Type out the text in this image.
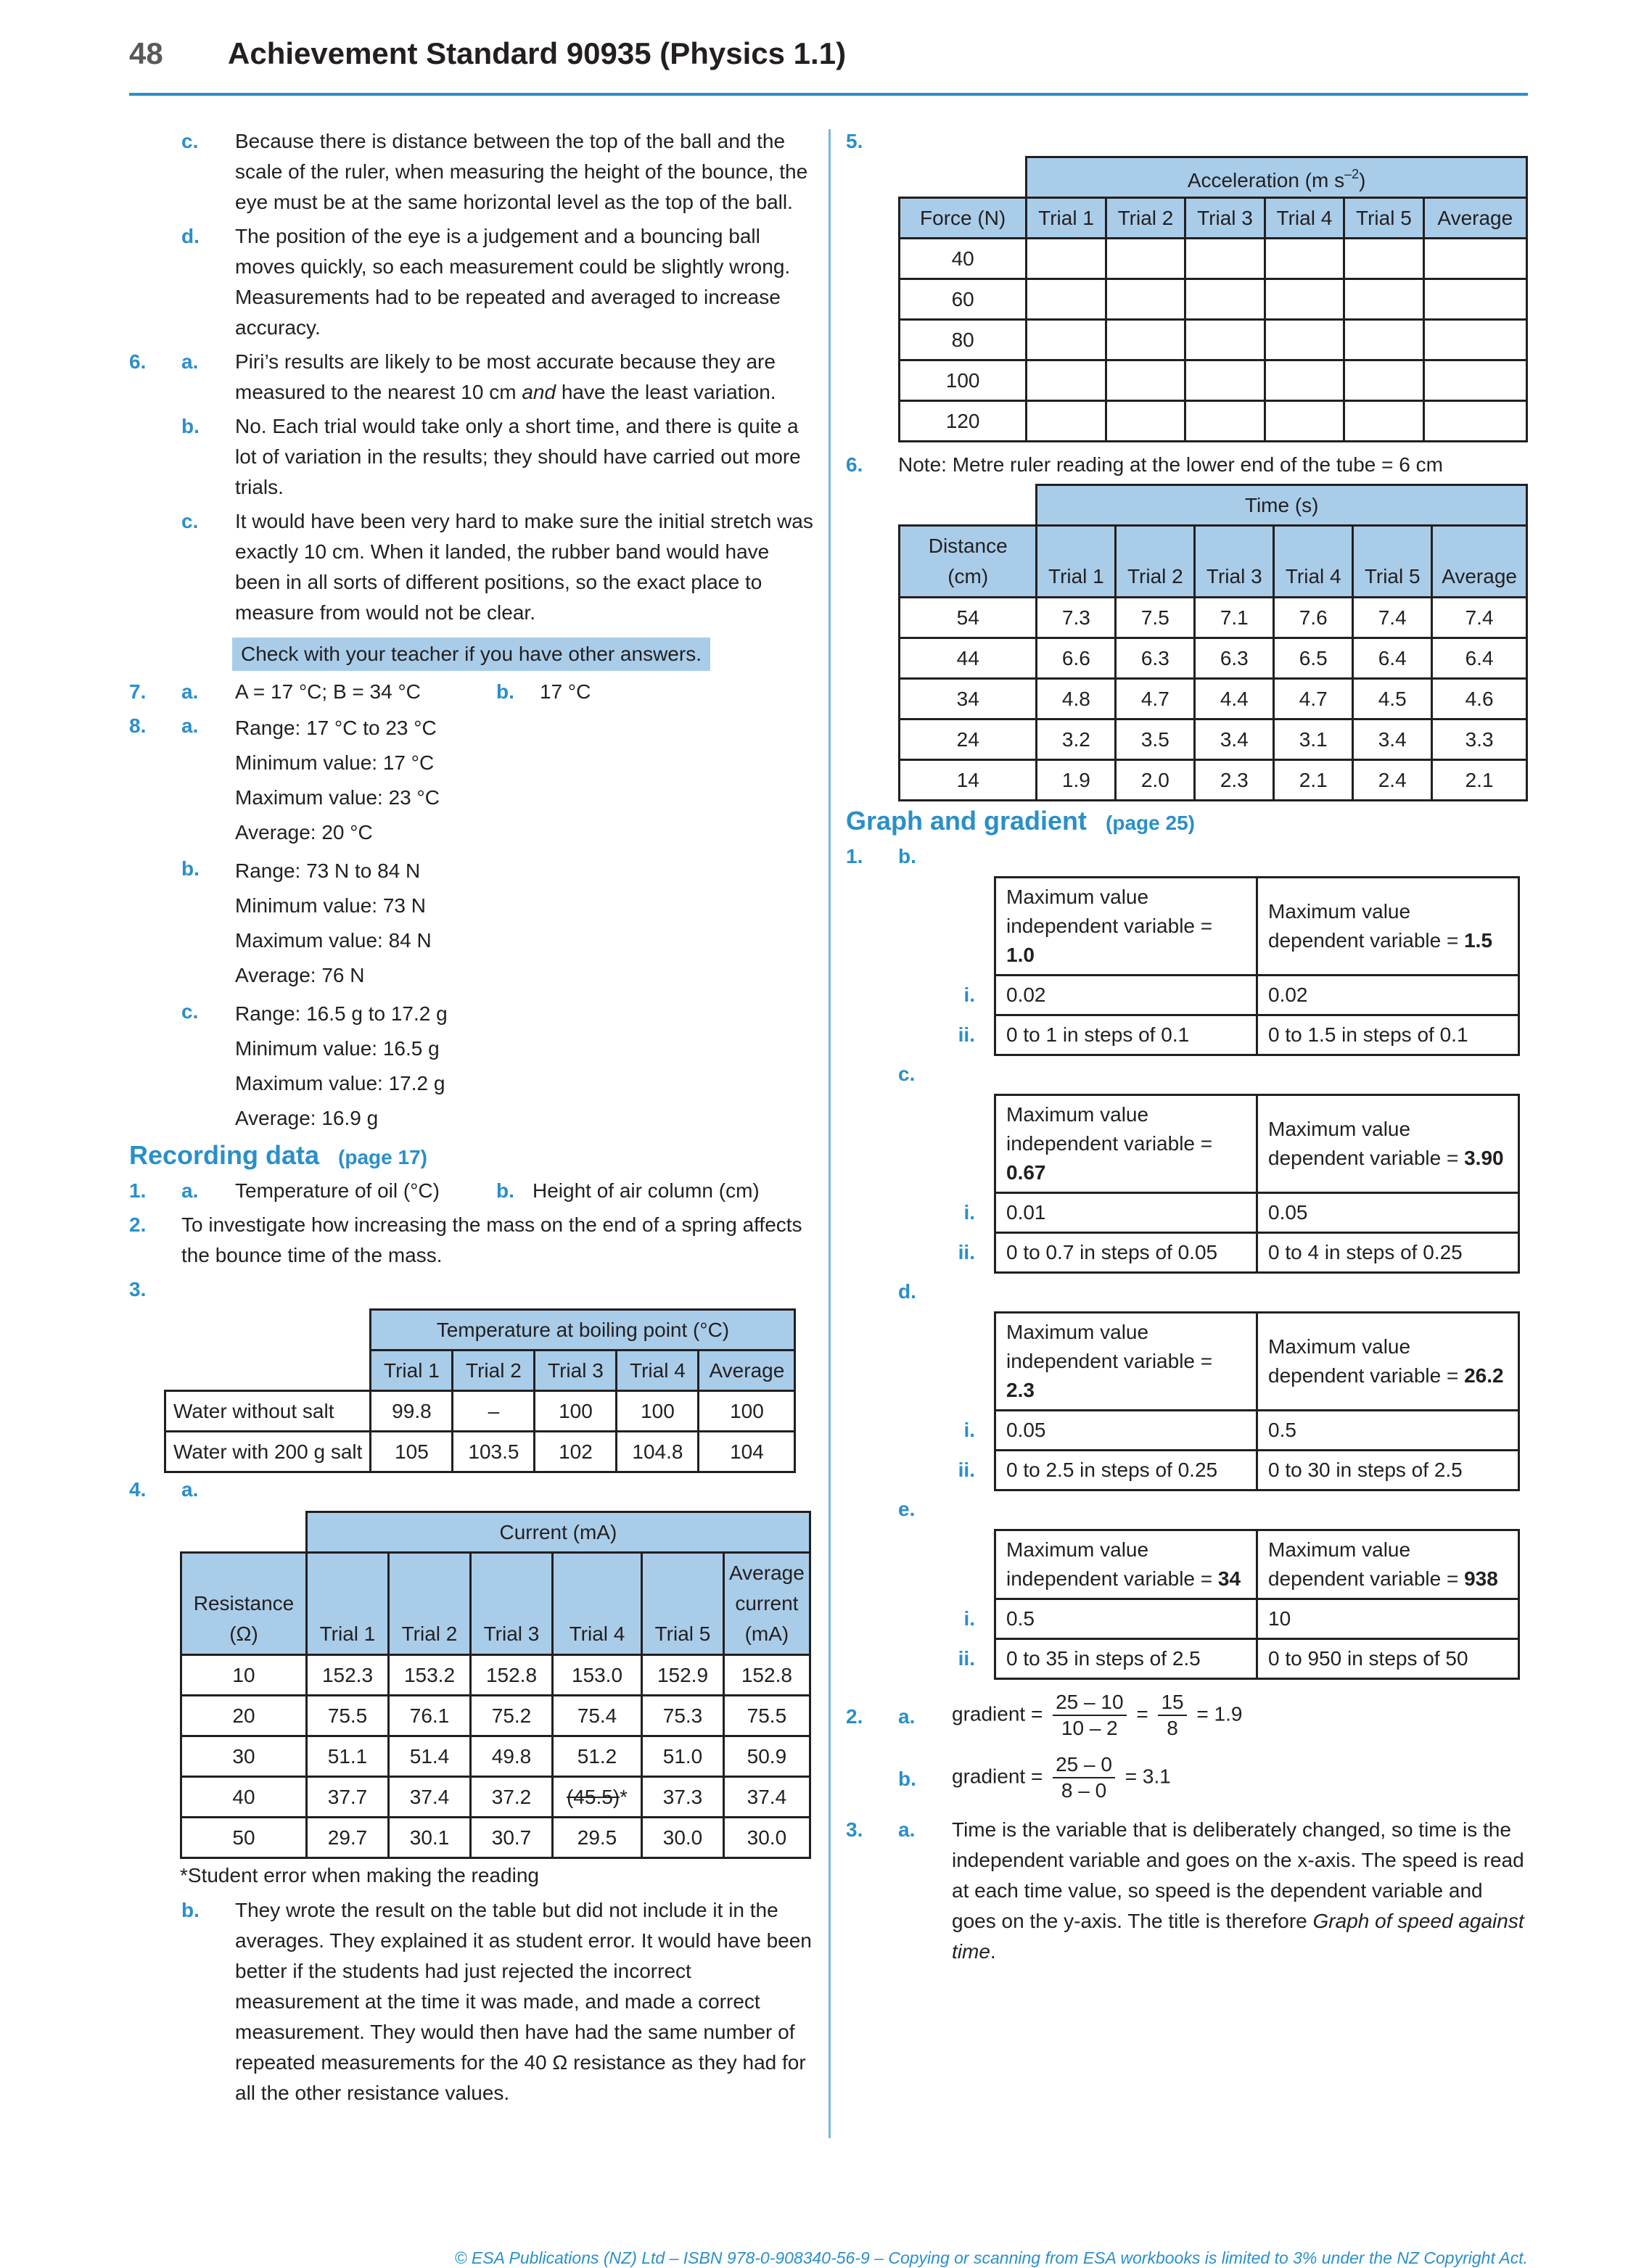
48 Achievement Standard 90935 (Physics 1.1)
c.	Because there is distance between the top of the ball and the scale of the ruler, when measuring the height of the bounce, the eye must be at the same horizontal level as the top of the ball.
d.	The position of the eye is a judgement and a bouncing ball moves quickly, so each measurement could be slightly wrong. Measurements had to be repeated and averaged to increase accuracy.
6.	a.	Piri’s results are likely to be most accurate because they are measured to the nearest 10 cm and have the least variation.
b.	No. Each trial would take only a short time, and there is quite a lot of variation in the results; they should have carried out more trials.
c.	It would have been very hard to make sure the initial stretch was exactly 10 cm. When it landed, the rubber band would have been in all sorts of different positions, so the exact place to measure from would not be clear.
Check with your teacher if you have other answers.
7.	a.	A = 17 °C; B = 34 °C	b. 17 °C
8.	a.	Range: 17 °C to 23 °C
Minimum value: 17 °C
Maximum value: 23 °C
Average: 20 °C
b.	Range: 73 N to 84 N
Minimum value: 73 N
Maximum value: 84 N
Average: 76 N
c.	Range: 16.5 g to 17.2 g
Minimum value: 16.5 g
Maximum value: 17.2 g
Average: 16.9 g
Recording data (page 17)
1.	a.	Temperature of oil (°C)	b. Height of air column (cm)
2.	To investigate how increasing the mass on the end of a spring affects the bounce time of the mass.
3.
	Temperature at boiling point (°C)				
	Trial 1	Trial 2	Trial 3	Trial 4	Average
Water without salt	99.8	–	100	100	100
Water with 200 g salt	105	103.5	102	104.8	104
4.	a.
	Current (mA)					
Resistance (Ω)	Trial 1	Trial 2	Trial 3	Trial 4	Trial 5	Average current (mA)
10	152.3	153.2	152.8	153.0	152.9	152.8
20	75.5	76.1	75.2	75.4	75.3	75.5
30	51.1	51.4	49.8	51.2	51.0	50.9
40	37.7	37.4	37.2	(45.5)*	37.3	37.4
50	29.7	30.1	30.7	29.5	30.0	30.0
*Student error when making the reading
b.	They wrote the result on the table but did not include it in the averages. They explained it as student error. It would have been better if the students had just rejected the incorrect measurement at the time it was made, and made a correct measurement. They would then have had the same number of repeated measurements for the 40 Ω resistance as they had for all the other resistance values.
5.
	Acceleration (m $s^{-2}$)					
Force (N)	Trial 1	Trial 2	Trial 3	Trial 4	Trial 5	Average
40						
60						
80						
100						
120						
6.	Note: Metre ruler reading at the lower end of the tube = 6 cm
	Time (s)					
Distance (cm)	Trial 1	Trial 2	Trial 3	Trial 4	Trial 5	Average
54	7.3	7.5	7.1	7.6	7.4	7.4
44	6.6	6.3	6.3	6.5	6.4	6.4
34	4.8	4.7	4.4	4.7	4.5	4.6
24	3.2	3.5	3.4	3.1	3.4	3.3
14	1.9	2.0	2.3	2.1	2.4	2.1
Graph and gradient (page 25)
1.	b.
	Maximum value independent variable = 1.0	Maximum value dependent variable = 1.5
i.	0.02	0.02
ii.	0 to 1 in steps of 0.1	0 to 1.5 in steps of 0.1
c.
	Maximum value independent variable = 0.67	Maximum value dependent variable = 3.90
i.	0.01	0.05
ii.	0 to 0.7 in steps of 0.05	0 to 4 in steps of 0.25
d.
	Maximum value independent variable = 2.3	Maximum value dependent variable = 26.2
i.	0.05	0.5
ii.	0 to 2.5 in steps of 0.25	0 to 30 in steps of 2.5
e.
	Maximum value independent variable = 34	Maximum value dependent variable = 938
i.	0.5	10
ii.	0 to 35 in steps of 2.5	0 to 950 in steps of 50
2.	a.	gradient = $\frac{25 - 10}{10 - 2} = \frac{15}{8} = 1.9$
b.	gradient = $\frac{25 - 0}{8 - 0} = 3.1$
3.	a.	Time is the variable that is deliberately changed, so time is the independent variable and goes on the x-axis. The speed is read at each time value, so speed is the dependent variable and goes on the y-axis. The title is therefore Graph of speed against time.
© ESA Publications (NZ) Ltd – ISBN 978-0-908340-56-9 – Copying or scanning from ESA workbooks is limited to 3% under the NZ Copyright Act.
